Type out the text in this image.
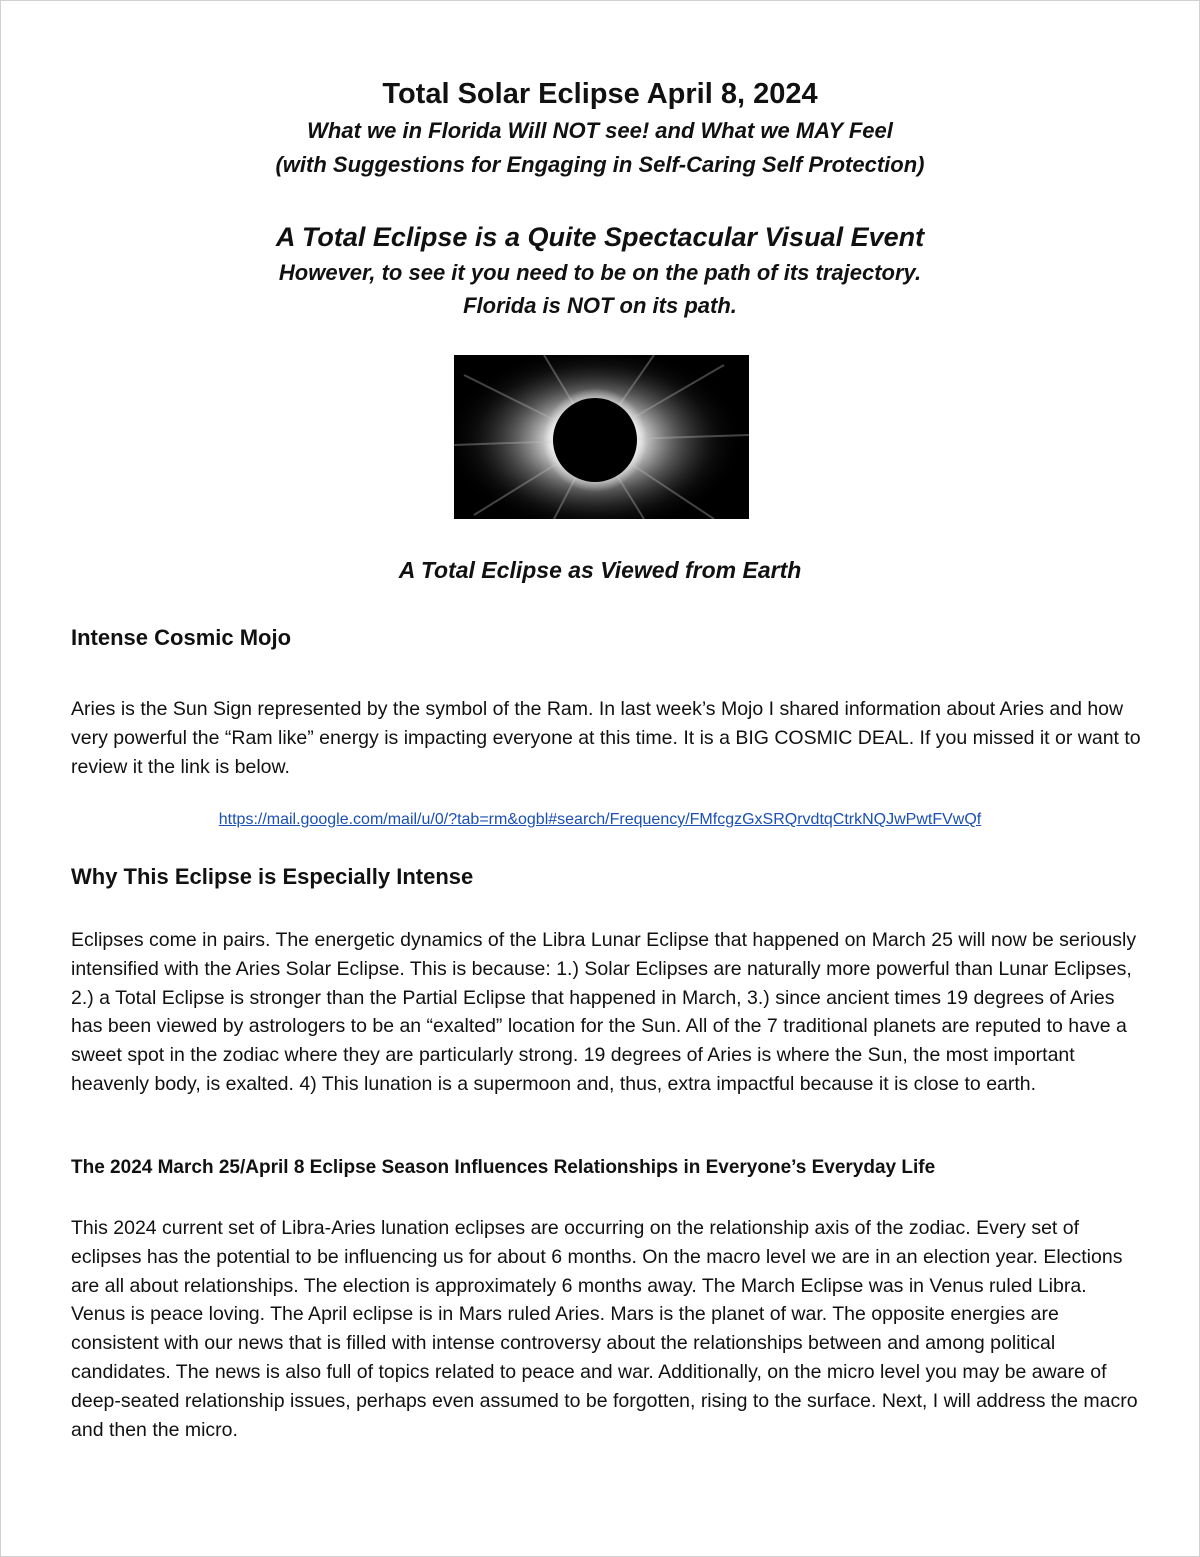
Total Solar Eclipse April 8, 2024

What we in Florida Will NOT see! and What we MAY Feel

(with Suggestions for Engaging in Self-Caring Self Protection)

A Total Eclipse is a Quite Spectacular Visual Event

However, to see it you need to be on the path of its trajectory.

Florida is NOT on its path.

A Total Eclipse as Viewed from Earth

Intense Cosmic Mojo

Aries is the Sun Sign represented by the symbol of the Ram. In last week’s Mojo I shared information about Aries and how very powerful the “Ram like” energy is impacting everyone at this time. It is a BIG COSMIC DEAL. If you missed it or want to review it the link is below.

https://mail.google.com/mail/u/0/?tab=rm&ogbl#search/Frequency/FMfcgzGxSRQrvdtqCtrkNQJwPwtFVwQf
Why This Eclipse is Especially Intense

Eclipses come in pairs. The energetic dynamics of the Libra Lunar Eclipse that happened on March 25 will now be seriously intensified with the Aries Solar Eclipse. This is because: 1.) Solar Eclipses are naturally more powerful than Lunar Eclipses, 2.) a Total Eclipse is stronger than the Partial Eclipse that happened in March, 3.) since ancient times 19 degrees of Aries has been viewed by astrologers to be an “exalted” location for the Sun. All of the 7 traditional planets are reputed to have a sweet spot in the zodiac where they are particularly strong. 19 degrees of Aries is where the Sun, the most important heavenly body, is exalted. 4) This lunation is a supermoon and, thus, extra impactful because it is close to earth.

The 2024 March 25/April 8 Eclipse Season Influences Relationships in Everyone’s Everyday Life

This 2024 current set of Libra-Aries lunation eclipses are occurring on the relationship axis of the zodiac. Every set of eclipses has the potential to be influencing us for about 6 months. On the macro level we are in an election year. Elections are all about relationships. The election is approximately 6 months away. The March Eclipse was in Venus ruled Libra. Venus is peace loving. The April eclipse is in Mars ruled Aries. Mars is the planet of war. The opposite energies are consistent with our news that is filled with intense controversy about the relationships between and among political candidates. The news is also full of topics related to peace and war. Additionally, on the micro level you may be aware of deep-seated relationship issues, perhaps even assumed to be forgotten, rising to the surface. Next, I will address the macro and then the micro.
